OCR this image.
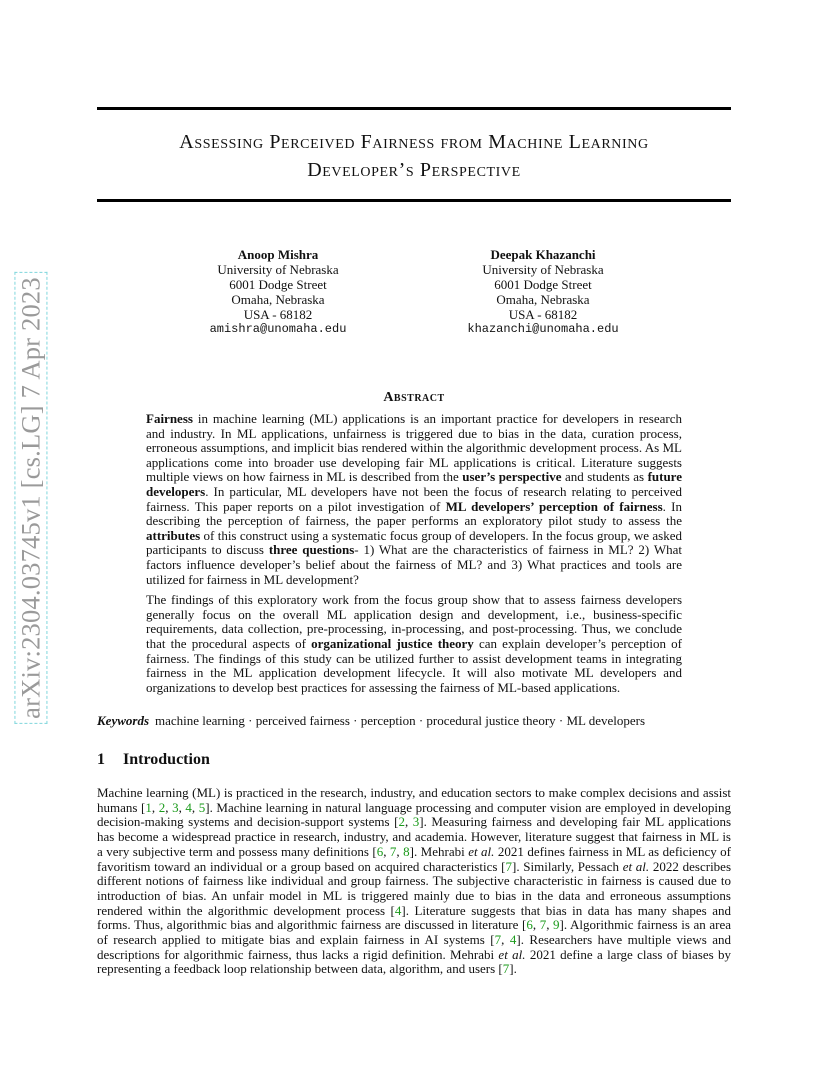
arXiv:2304.03745v1 [cs.LG] 7 Apr 2023
Assessing Perceived Fairness from Machine Learning
Developer’s Perspective
Anoop Mishra
University of Nebraska
6001 Dodge Street
Omaha, Nebraska
USA - 68182
amishra@unomaha.edu
Deepak Khazanchi
University of Nebraska
6001 Dodge Street
Omaha, Nebraska
USA - 68182
khazanchi@unomaha.edu
Abstract

Fairness in machine learning (ML) applications is an important practice for developers in research and industry. In ML applications, unfairness is triggered due to bias in the data, curation process, erroneous assumptions, and implicit bias rendered within the algorithmic development process. As ML applications come into broader use developing fair ML applications is critical. Literature suggests multiple views on how fairness in ML is described from the user’s perspective and students as future developers. In particular, ML developers have not been the focus of research relating to perceived fairness. This paper reports on a pilot investigation of ML developers’ perception of fairness. In describing the perception of fairness, the paper performs an exploratory pilot study to assess the attributes of this construct using a systematic focus group of developers. In the focus group, we asked participants to discuss three questions- 1) What are the characteristics of fairness in ML? 2) What factors influence developer’s belief about the fairness of ML? and 3) What practices and tools are utilized for fairness in ML development?

The findings of this exploratory work from the focus group show that to assess fairness developers generally focus on the overall ML application design and development, i.e., business-specific requirements, data collection, pre-processing, in-processing, and post-processing. Thus, we conclude that the procedural aspects of organizational justice theory can explain developer’s perception of fairness. The findings of this study can be utilized further to assist development teams in integrating fairness in the ML application development lifecycle. It will also motivate ML developers and organizations to develop best practices for assessing the fairness of ML-based applications.

Keywords machine learning · perceived fairness · perception · procedural justice theory · ML developers
1 Introduction

Machine learning (ML) is practiced in the research, industry, and education sectors to make complex decisions and assist humans [1, 2, 3, 4, 5]. Machine learning in natural language processing and computer vision are employed in developing decision-making systems and decision-support systems [2, 3]. Measuring fairness and developing fair ML applications has become a widespread practice in research, industry, and academia. However, literature suggest that fairness in ML is a very subjective term and possess many definitions [6, 7, 8]. Mehrabi et al. 2021 defines fairness in ML as deficiency of favoritism toward an individual or a group based on acquired characteristics [7]. Similarly, Pessach et al. 2022 describes different notions of fairness like individual and group fairness. The subjective characteristic in fairness is caused due to introduction of bias. An unfair model in ML is triggered mainly due to bias in the data and erroneous assumptions rendered within the algorithmic development process [4]. Literature suggests that bias in data has many shapes and forms. Thus, algorithmic bias and algorithmic fairness are discussed in literature [6, 7, 9]. Algorithmic fairness is an area of research applied to mitigate bias and explain fairness in AI systems [7, 4]. Researchers have multiple views and descriptions for algorithmic fairness, thus lacks a rigid definition. Mehrabi et al. 2021 define a large class of biases by representing a feedback loop relationship between data, algorithm, and users [7].
